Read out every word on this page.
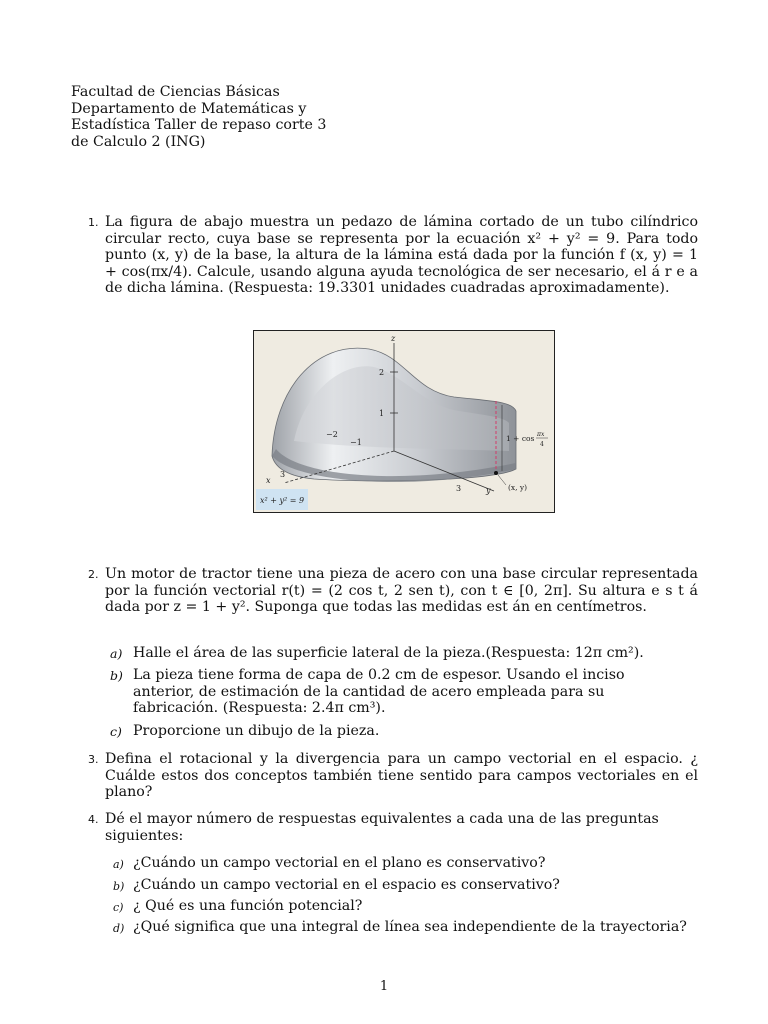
Facultad de Ciencias Básicas
Departamento de Matemáticas y
Estadística Taller de repaso corte 3
de Calculo 2 (ING)
1. La figura de abajo muestra un pedazo de lámina cortado de un tubo cilíndrico circular recto, cuya base se representa por la ecuación x² + y² = 9. Para todo punto (x, y) de la base, la altura de la lámina está dada por la función f (x, y) = 1 + cos(πx/4). Calcule, usando alguna ayuda tecnológica de ser necesario, el á r e a de dicha lámina. (Respuesta: 19.3301 unidades cuadradas aproximadamente).
z
2
1
−2
−1
3
x
3	y
1 + cos πx
4
(x, y)
x² + y² = 9
2. Un motor de tractor tiene una pieza de acero con una base circular representada por la función vectorial r(t) = (2 cos t, 2 sen t), con t ∈ [0, 2π]. Su altura e s t á dada por z = 1 + y². Suponga que todas las medidas est án en centímetros.
a) Halle el área de las superficie lateral de la pieza.(Respuesta: 12π cm²).
b) La pieza tiene forma de capa de 0.2 cm de espesor. Usando el inciso anterior, de estimación de la cantidad de acero empleada para su fabricación. (Respuesta: 2.4π cm³).
c) Proporcione un dibujo de la pieza.
3. Defina el rotacional y la divergencia para un campo vectorial en el espacio. ¿ Cuálde estos dos conceptos también tiene sentido para campos vectoriales en el plano?
4. Dé el mayor número de respuestas equivalentes a cada una de las preguntas siguientes:
a) ¿Cuándo un campo vectorial en el plano es conservativo?
b) ¿Cuándo un campo vectorial en el espacio es conservativo?
c) ¿ Qué es una función potencial?
d) ¿Qué significa que una integral de línea sea independiente de la trayectoria?
1
